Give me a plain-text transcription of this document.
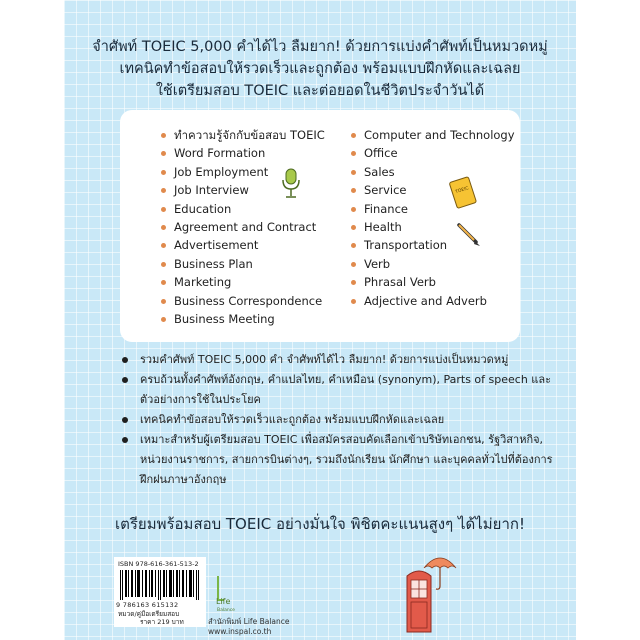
จำศัพท์ TOEIC 5,000 คำได้ไว ลืมยาก! ด้วยการแบ่งคำศัพท์เป็นหมวดหมู่
เทคนิคทำข้อสอบให้รวดเร็วและถูกต้อง พร้อมแบบฝึกหัดและเฉลย
ใช้เตรียมสอบ TOEIC และต่อยอดในชีวิตประจำวันได้
ทำความรู้จักกับข้อสอบ TOEIC
Word Formation
Job Employment
Job Interview
Education
Agreement and Contract
Advertisement
Business Plan
Marketing
Business Correspondence
Business Meeting
Computer and Technology
Office
Sales
Service
Finance
Health
Transportation
Verb
Phrasal Verb
Adjective and Adverb
TOEIC
รวมคำศัพท์ TOEIC 5,000 คำ จำศัพท์ได้ไว ลืมยาก! ด้วยการแบ่งเป็นหมวดหมู่
ครบถ้วนทั้งคำศัพท์อังกฤษ, คำแปลไทย, คำเหมือน (synonym), Parts of speech และตัวอย่างการใช้ในประโยค
เทคนิคทำข้อสอบให้รวดเร็วและถูกต้อง พร้อมแบบฝึกหัดและเฉลย
เหมาะสำหรับผู้เตรียมสอบ TOEIC เพื่อสมัครสอบคัดเลือกเข้าบริษัทเอกชน, รัฐวิสาหกิจ, หน่วยงานราชการ, สายการบินต่างๆ, รวมถึงนักเรียน นักศึกษา และบุคคลทั่วไปที่ต้องการฝึกฝนภาษาอังกฤษ
เตรียมพร้อมสอบ TOEIC อย่างมั่นใจ พิชิตคะแนนสูงๆ ได้ไม่ยาก!
ISBN 978-616-361-513-2
9 786163 615132
หมวด/คู่มือเตรียมสอบ
ราคา 219 บาท
Life
Balance
สำนักพิมพ์ Life Balance
www.inspal.co.th
